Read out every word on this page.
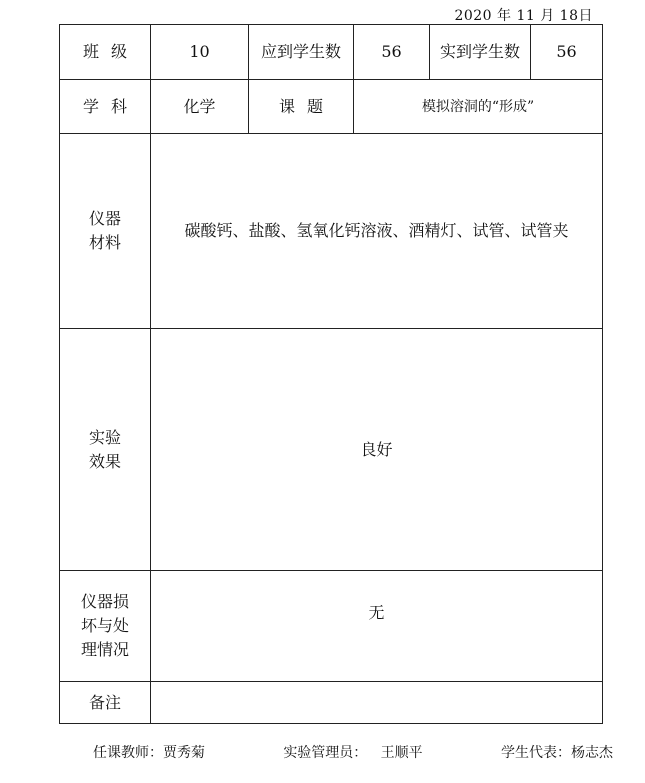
2020 年 11 月 18日
班级	10	应到学生数	56	实到学生数	56
学科	化学	课题	模拟溶洞的“形成”		

仪器
材料	碳酸钙、盐酸、氢氧化钙溶液、酒精灯、试管、试管夹				

实验
效果	良好				

仪器损
坏与处
理情况	无				
备注					
任课教师：贾秀菊	实验管理员： 王顺平	学生代表：杨志杰
